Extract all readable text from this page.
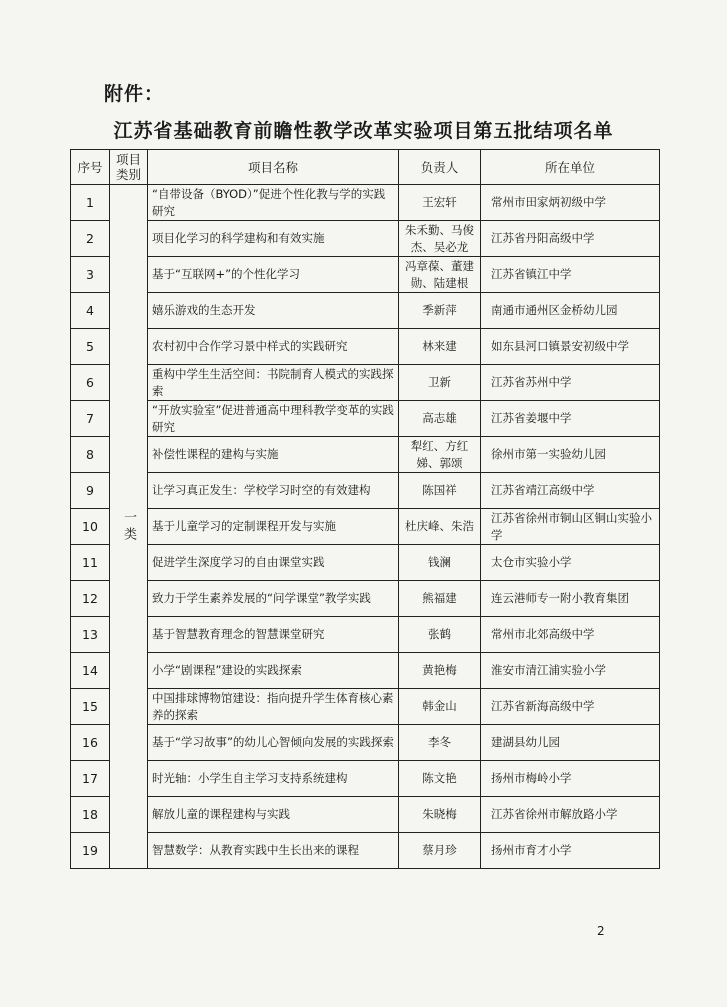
附件：
江苏省基础教育前瞻性教学改革实验项目第五批结项名单
序号	项目类别	项目名称	负责人	所在单位
1	一类	“自带设备（BYOD）”促进个性化教与学的实践研究	王宏轩	常州市田家炳初级中学
2		项目化学习的科学建构和有效实施	朱禾勤、马俊杰、吴必龙	江苏省丹阳高级中学
3		基于“互联网+”的个性化学习	冯章葆、董建勋、陆建根	江苏省镇江中学
4		嬉乐游戏的生态开发	季新萍	南通市通州区金桥幼儿园
5		农村初中合作学习景中样式的实践研究	林来建	如东县河口镇景安初级中学
6		重构中学生生活空间：书院制育人模式的实践探索	卫新	江苏省苏州中学
7		“开放实验室”促进普通高中理科教学变革的实践研究	高志雄	江苏省姜堰中学
8		补偿性课程的建构与实施	犁红、方红娣、郭颂	徐州市第一实验幼儿园
9		让学习真正发生：学校学习时空的有效建构	陈国祥	江苏省靖江高级中学
10		基于儿童学习的定制课程开发与实施	杜庆峰、朱浩	江苏省徐州市铜山区铜山实验小学
11		促进学生深度学习的自由课堂实践	钱澜	太仓市实验小学
12		致力于学生素养发展的“问学课堂”教学实践	熊福建	连云港师专一附小教育集团
13		基于智慧教育理念的智慧课堂研究	张鹤	常州市北郊高级中学
14		小学“剧课程”建设的实践探索	黄艳梅	淮安市清江浦实验小学
15		中国排球博物馆建设：指向提升学生体育核心素养的探索	韩金山	江苏省新海高级中学
16		基于“学习故事”的幼儿心智倾向发展的实践探索	李冬	建湖县幼儿园
17		时光轴：小学生自主学习支持系统建构	陈文艳	扬州市梅岭小学
18		解放儿童的课程建构与实践	朱晓梅	江苏省徐州市解放路小学
19		智慧数学：从教育实践中生长出来的课程	蔡月珍	扬州市育才小学
2
